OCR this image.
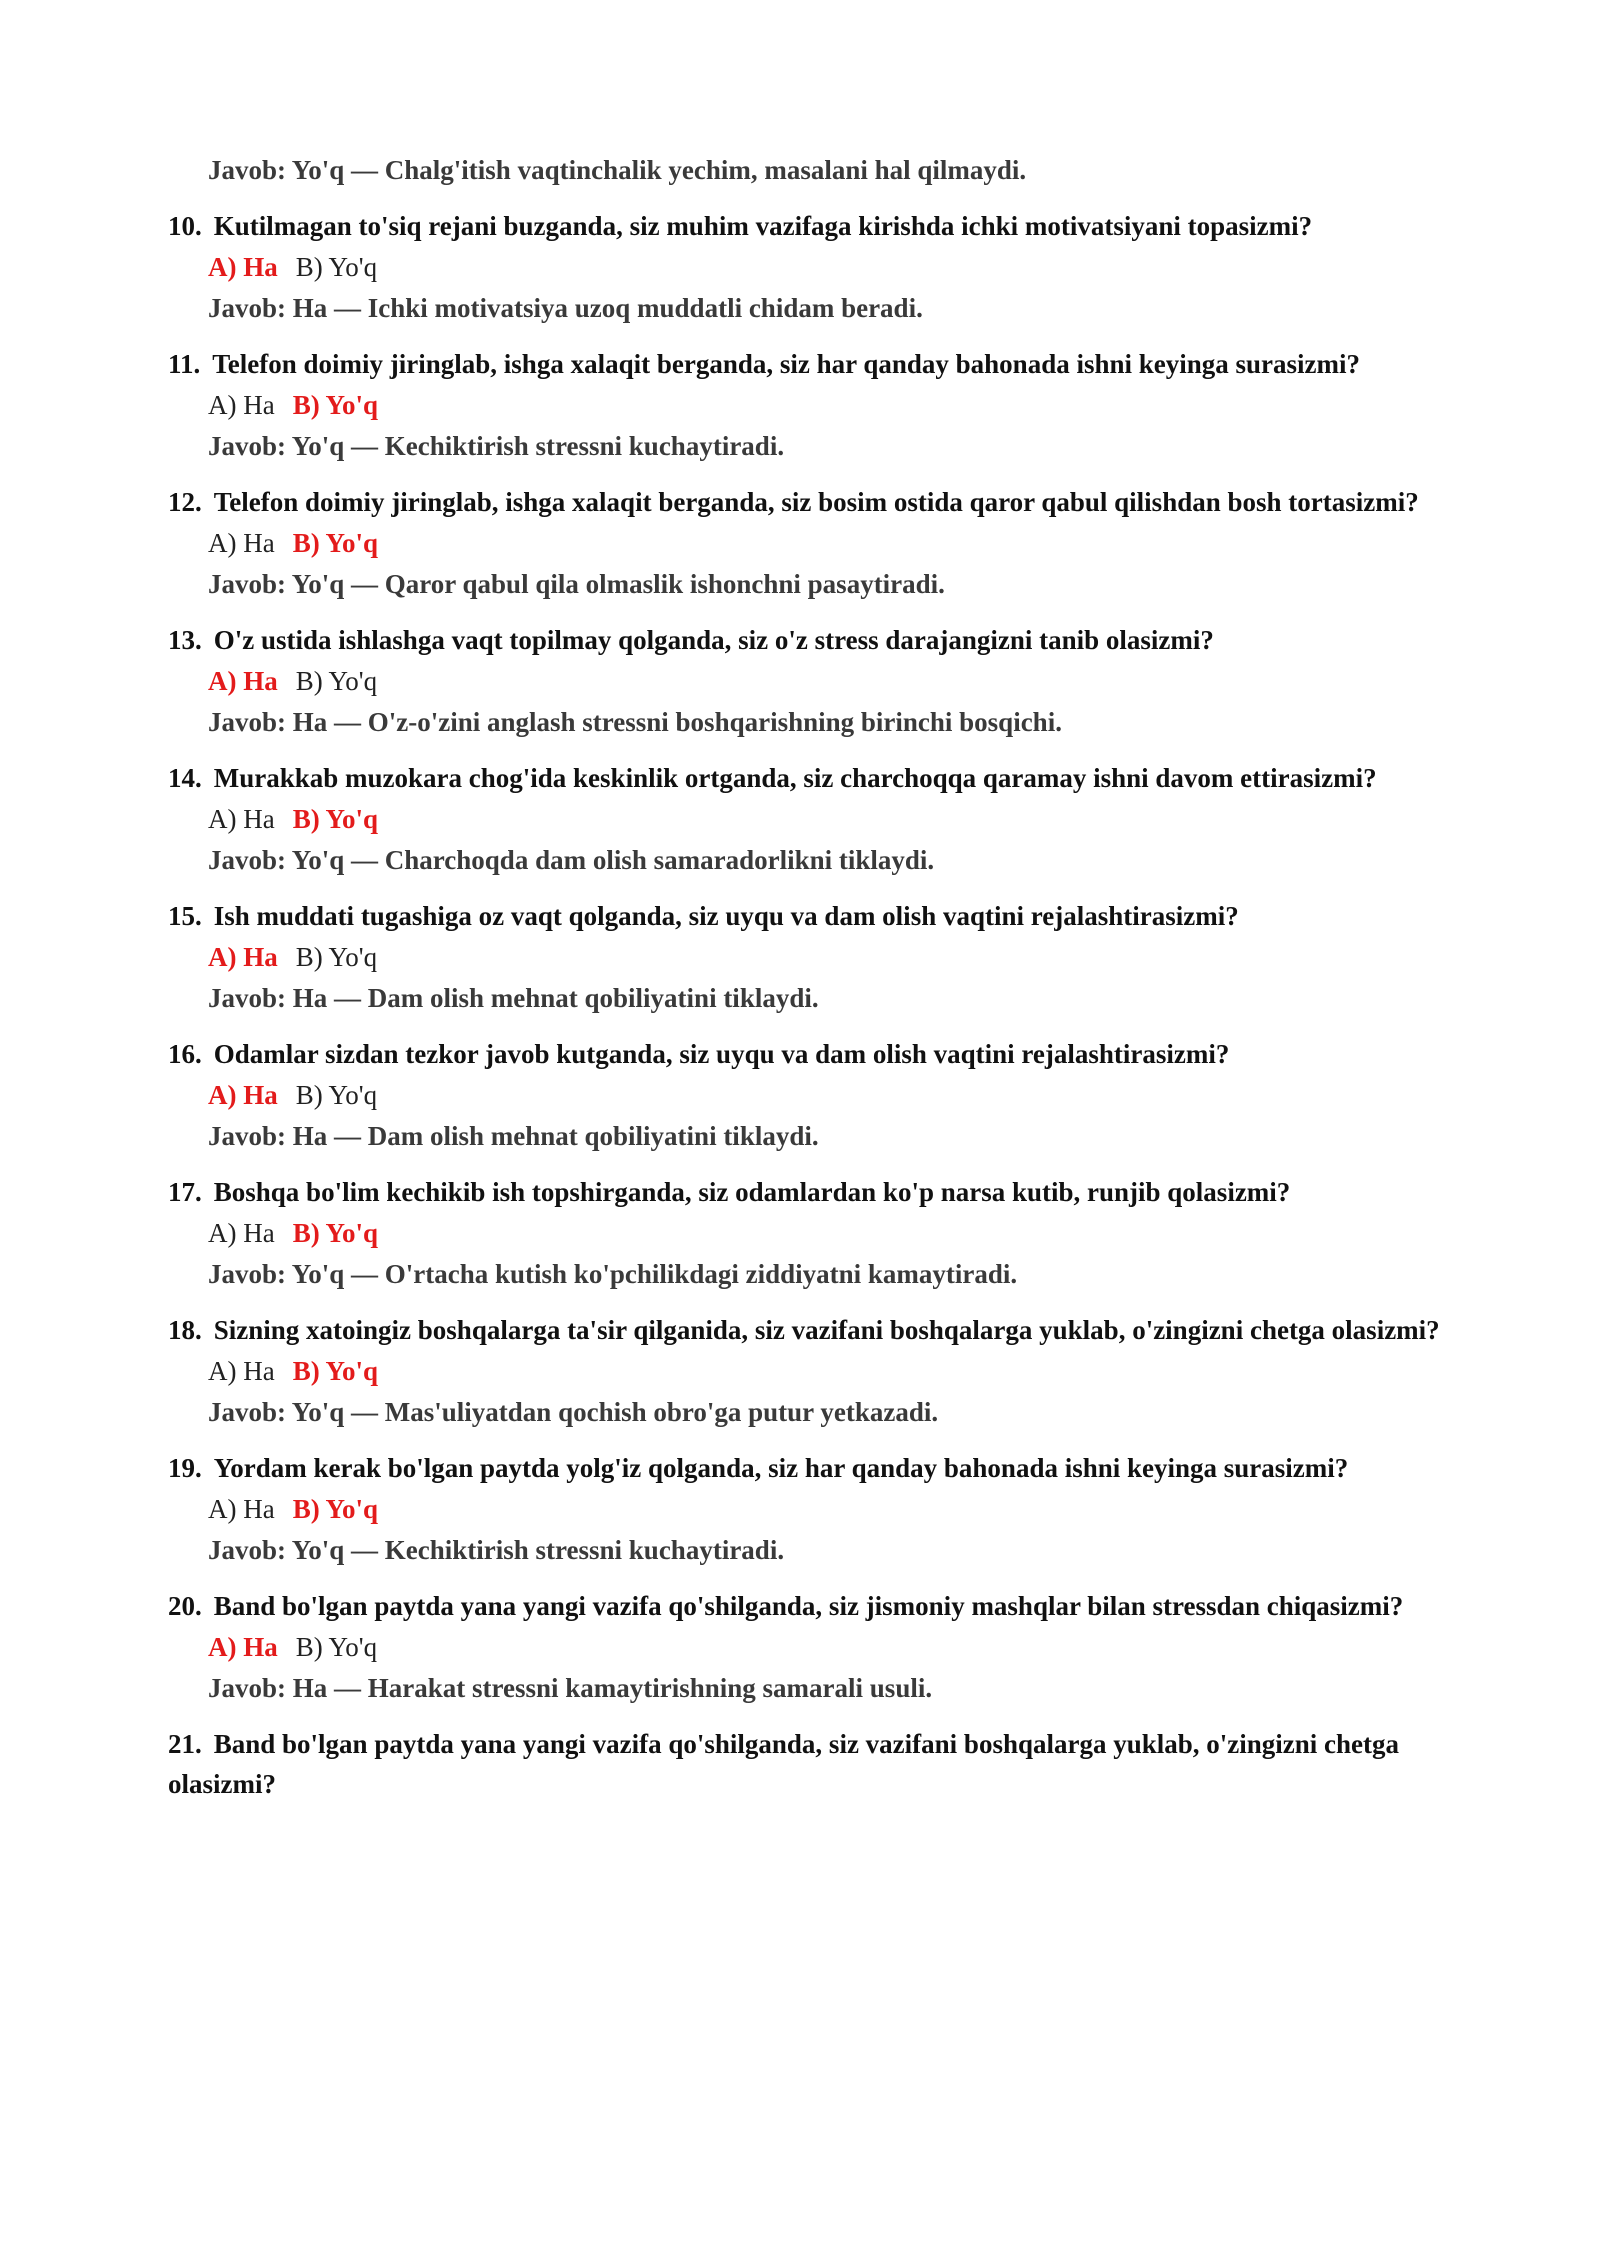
Javob: Yo'q — Chalg'itish vaqtinchalik yechim, masalani hal qilmaydi.
10. Kutilmagan to'siq rejani buzganda, siz muhim vazifaga kirishda ichki motivatsiyani topasizmi?
A) Ha B) Yo'q
Javob: Ha — Ichki motivatsiya uzoq muddatli chidam beradi.
11. Telefon doimiy jiringlab, ishga xalaqit berganda, siz har qanday bahonada ishni keyinga surasizmi?
A) Ha B) Yo'q
Javob: Yo'q — Kechiktirish stressni kuchaytiradi.
12. Telefon doimiy jiringlab, ishga xalaqit berganda, siz bosim ostida qaror qabul qilishdan bosh tortasizmi?
A) Ha B) Yo'q
Javob: Yo'q — Qaror qabul qila olmaslik ishonchni pasaytiradi.
13. O'z ustida ishlashga vaqt topilmay qolganda, siz o'z stress darajangizni tanib olasizmi?
A) Ha B) Yo'q
Javob: Ha — O'z-o'zini anglash stressni boshqarishning birinchi bosqichi.
14. Murakkab muzokara chog'ida keskinlik ortganda, siz charchoqqa qaramay ishni davom ettirasizmi?
A) Ha B) Yo'q
Javob: Yo'q — Charchoqda dam olish samaradorlikni tiklaydi.
15. Ish muddati tugashiga oz vaqt qolganda, siz uyqu va dam olish vaqtini rejalashtirasizmi?
A) Ha B) Yo'q
Javob: Ha — Dam olish mehnat qobiliyatini tiklaydi.
16. Odamlar sizdan tezkor javob kutganda, siz uyqu va dam olish vaqtini rejalashtirasizmi?
A) Ha B) Yo'q
Javob: Ha — Dam olish mehnat qobiliyatini tiklaydi.
17. Boshqa bo'lim kechikib ish topshirganda, siz odamlardan ko'p narsa kutib, runjib qolasizmi?
A) Ha B) Yo'q
Javob: Yo'q — O'rtacha kutish ko'pchilikdagi ziddiyatni kamaytiradi.
18. Sizning xatoingiz boshqalarga ta'sir qilganida, siz vazifani boshqalarga yuklab, o'zingizni chetga olasizmi?
A) Ha B) Yo'q
Javob: Yo'q — Mas'uliyatdan qochish obro'ga putur yetkazadi.
19. Yordam kerak bo'lgan paytda yolg'iz qolganda, siz har qanday bahonada ishni keyinga surasizmi?
A) Ha B) Yo'q
Javob: Yo'q — Kechiktirish stressni kuchaytiradi.
20. Band bo'lgan paytda yana yangi vazifa qo'shilganda, siz jismoniy mashqlar bilan stressdan chiqasizmi?
A) Ha B) Yo'q
Javob: Ha — Harakat stressni kamaytirishning samarali usuli.
21. Band bo'lgan paytda yana yangi vazifa qo'shilganda, siz vazifani boshqalarga yuklab, o'zingizni chetga olasizmi?
